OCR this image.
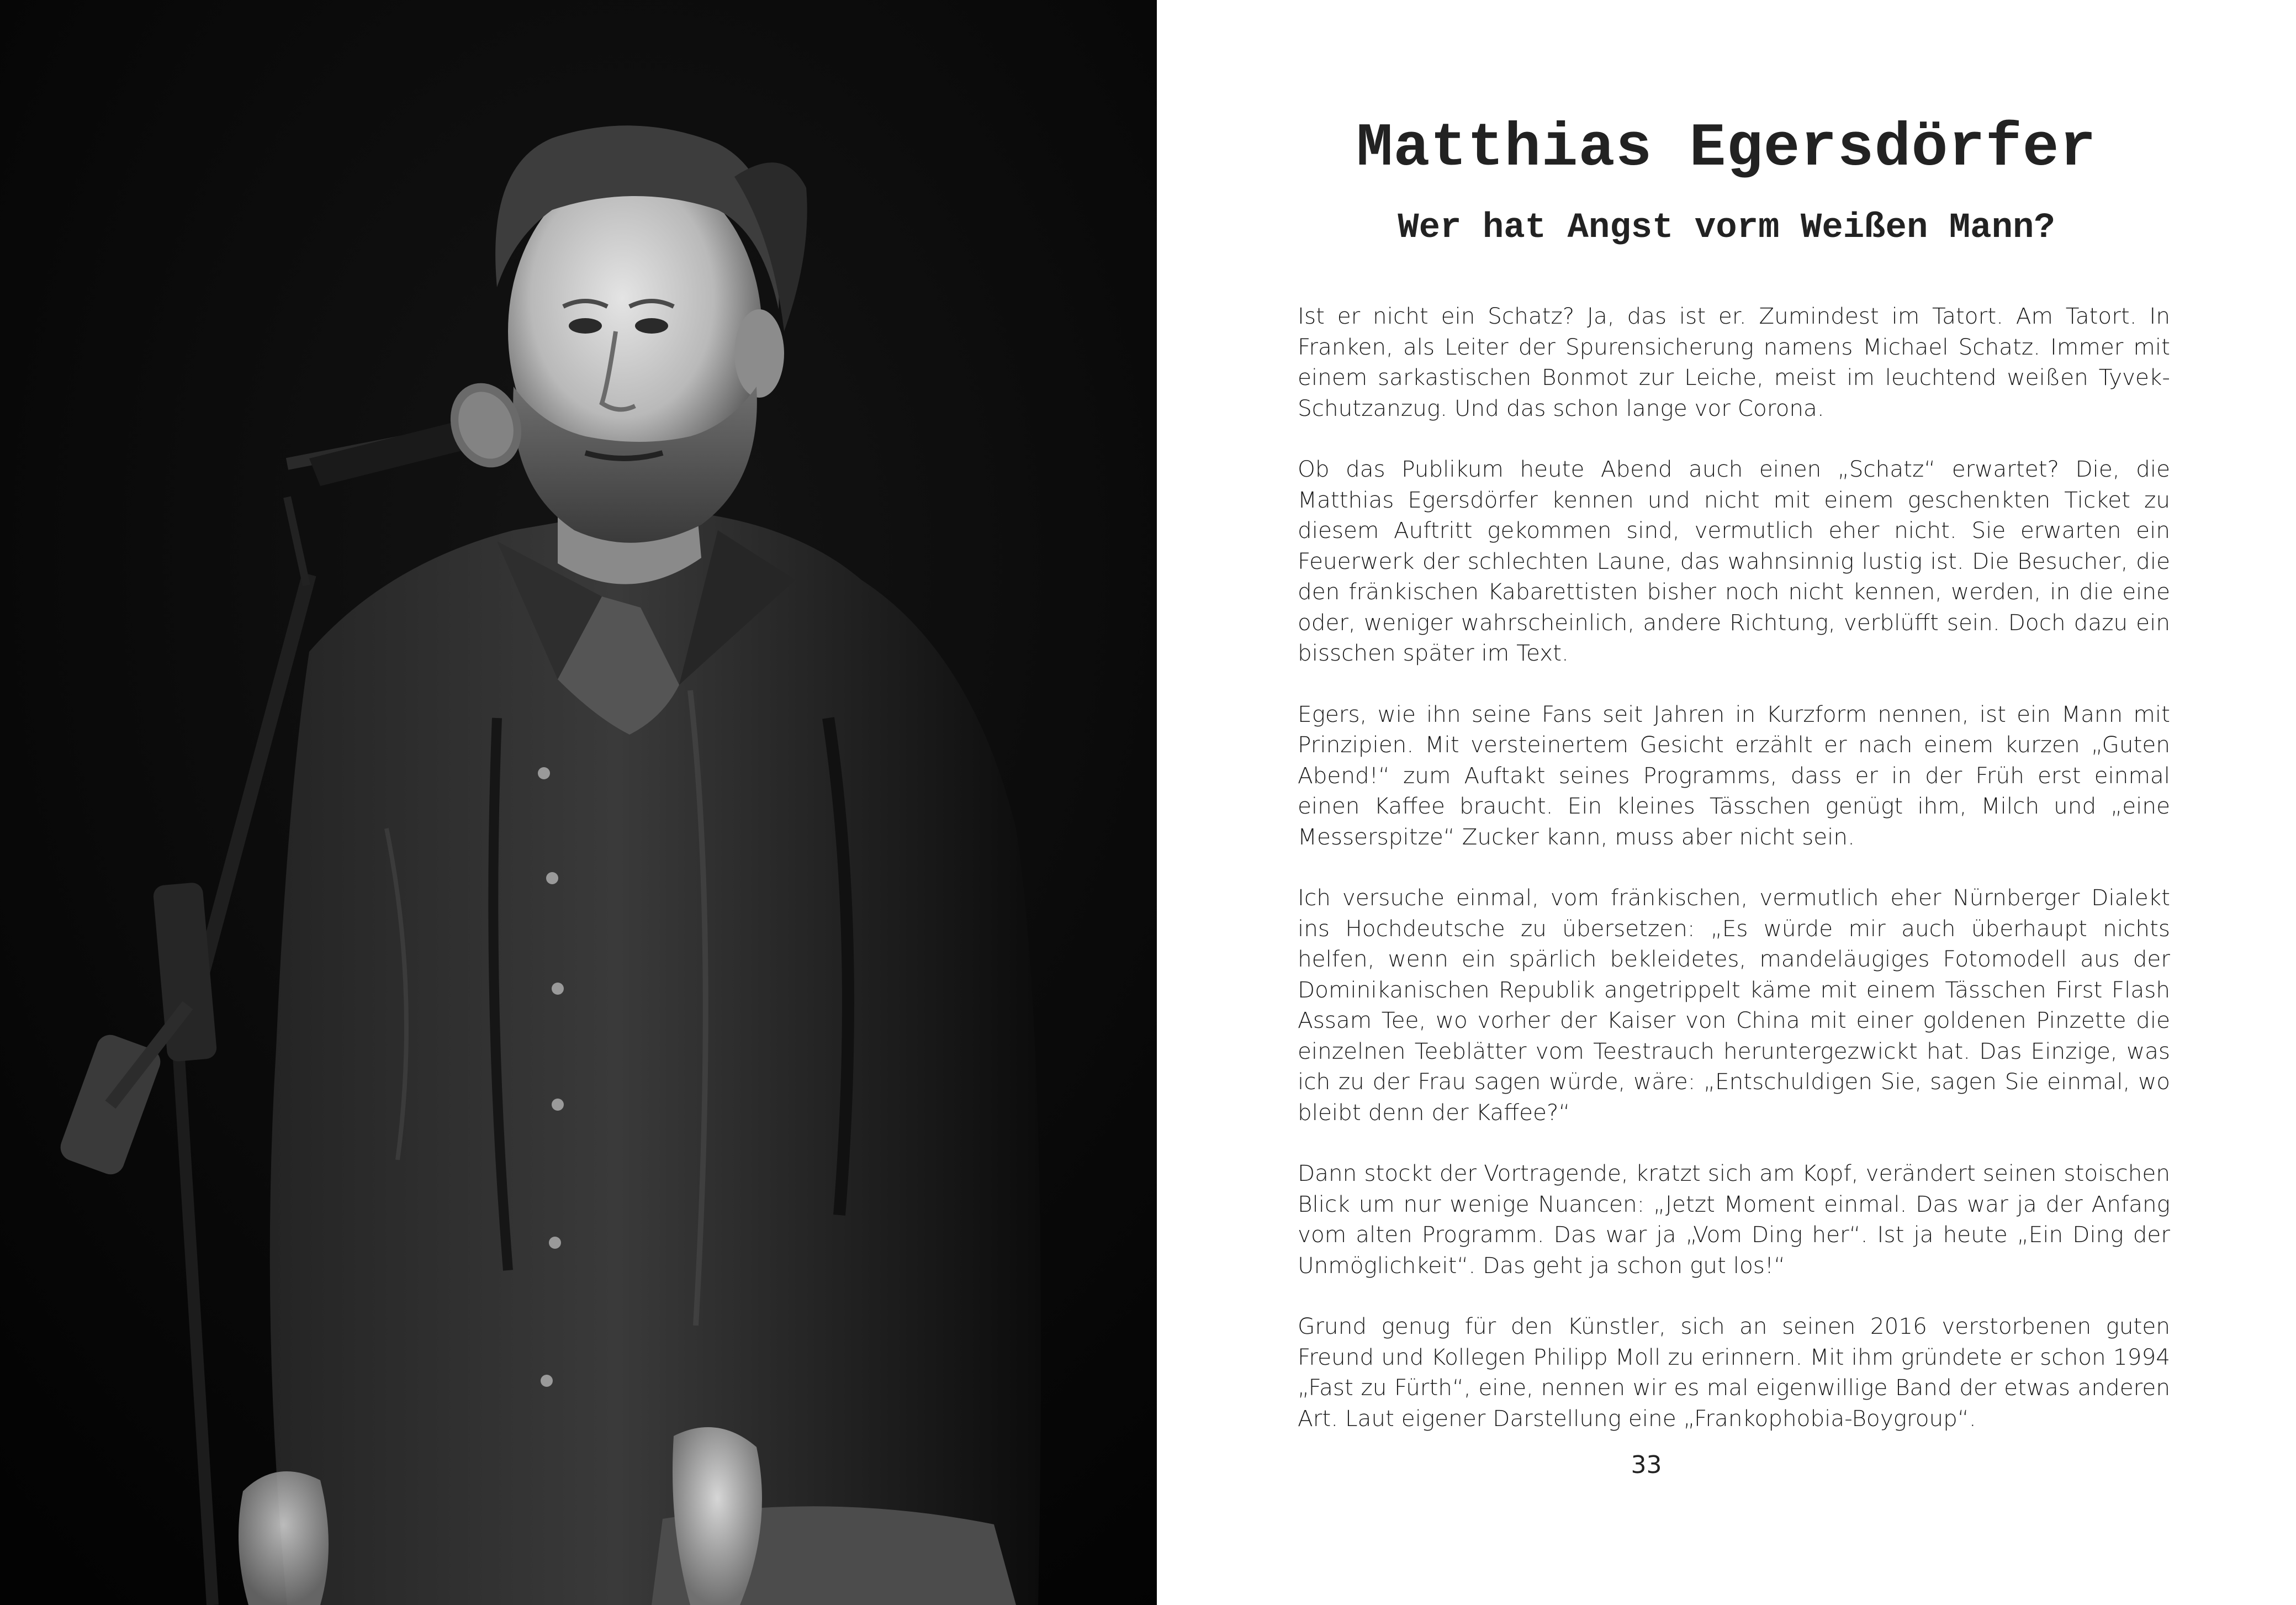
Matthias Egersdörfer
Wer hat Angst vorm Weißen Mann?

Ist er nicht ein Schatz? Ja, das ist er. Zumindest im Tatort. Am Tatort. In Franken, als Leiter der Spurensicherung namens Michael Schatz. Immer mit einem sarkastischen Bonmot zur Leiche, meist im leuchtend weißen Tyvek-Schutzanzug. Und das schon lange vor Corona.

Ob das Publikum heute Abend auch einen „Schatz“ erwartet? Die, die Matthias Egersdörfer kennen und nicht mit einem geschenkten Ticket zu diesem Auftritt gekommen sind, vermutlich eher nicht. Sie erwarten ein Feuerwerk der schlechten Laune, das wahnsinnig lustig ist. Die Besucher, die den fränkischen Kabarettisten bisher noch nicht kennen, werden, in die eine oder, weniger wahrscheinlich, andere Richtung, verblüfft sein. Doch dazu ein bisschen später im Text.

Egers, wie ihn seine Fans seit Jahren in Kurzform nennen, ist ein Mann mit Prinzipien. Mit versteinertem Gesicht erzählt er nach einem kurzen „Guten Abend!“ zum Auftakt seines Programms, dass er in der Früh erst einmal einen Kaffee braucht. Ein kleines Tässchen genügt ihm, Milch und „eine Messerspitze“ Zucker kann, muss aber nicht sein.

Ich versuche einmal, vom fränkischen, vermutlich eher Nürnberger Dialekt ins Hochdeutsche zu übersetzen: „Es würde mir auch überhaupt nichts helfen, wenn ein spärlich bekleidetes, mandeläugiges Fotomodell aus der Dominikanischen Republik angetrippelt käme mit einem Tässchen First Flash Assam Tee, wo vorher der Kaiser von China mit einer goldenen Pinzette die einzelnen Teeblätter vom Teestrauch heruntergezwickt hat. Das Einzige, was ich zu der Frau sagen würde, wäre: „Entschuldigen Sie, sagen Sie einmal, wo bleibt denn der Kaffee?“

Dann stockt der Vortragende, kratzt sich am Kopf, verändert seinen stoischen Blick um nur wenige Nuancen: „Jetzt Moment einmal. Das war ja der Anfang vom alten Programm. Das war ja „Vom Ding her“. Ist ja heute „Ein Ding der Unmöglichkeit“. Das geht ja schon gut los!“

Grund genug für den Künstler, sich an seinen 2016 verstorbenen guten Freund und Kollegen Philipp Moll zu erinnern. Mit ihm gründete er schon 1994 „Fast zu Fürth“, eine, nennen wir es mal eigenwillige Band der etwas anderen Art. Laut eigener Darstellung eine „Frankophobia-Boygroup“.

33
